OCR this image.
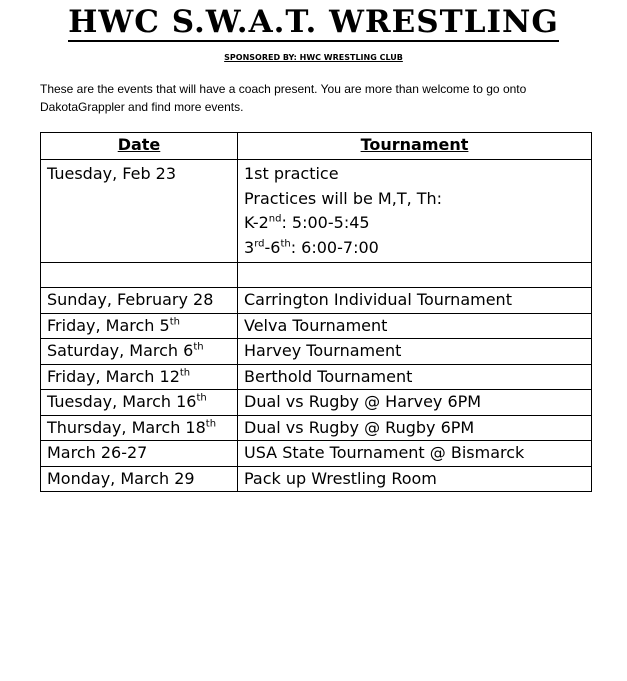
HWC S.W.A.T. WRESTLING
SPONSORED BY: HWC WRESTLING CLUB
These are the events that will have a coach present. You are more than welcome to go onto DakotaGrappler and find more events.
Date	Tournament
Tuesday, Feb 23	1st practice
Practices will be M,T, Th:
K-2nd: 5:00-5:45
3rd-6th: 6:00-7:00

Sunday, February 28	Carrington Individual Tournament
Friday, March 5th	Velva Tournament
Saturday, March 6th	Harvey Tournament
Friday, March 12th	Berthold Tournament
Tuesday, March 16th	Dual vs Rugby @ Harvey 6PM
Thursday, March 18th	Dual vs Rugby @ Rugby 6PM
March 26-27	USA State Tournament @ Bismarck
Monday, March 29	Pack up Wrestling Room
